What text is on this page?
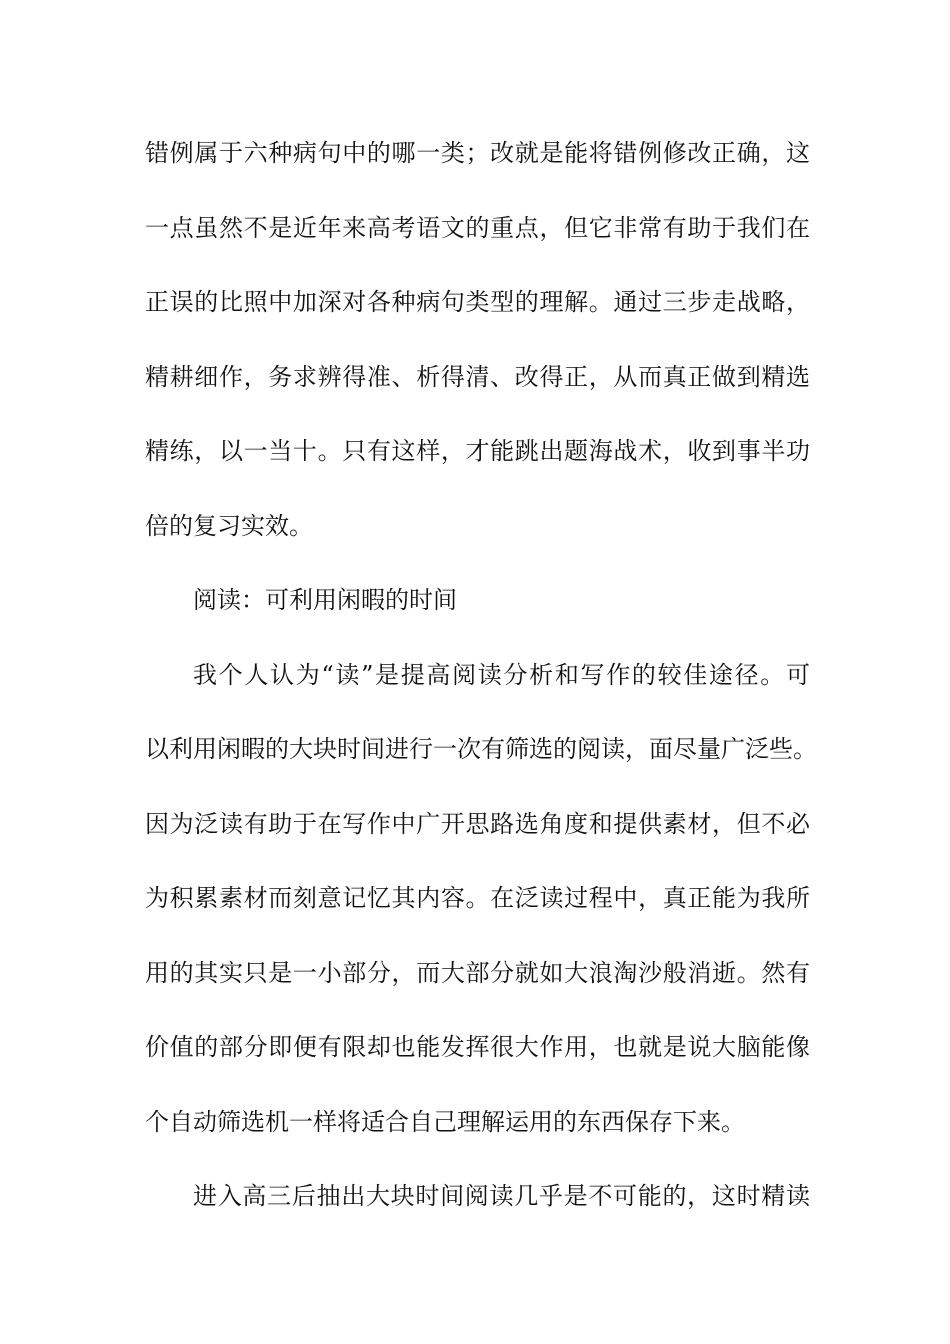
错例属于六种病句中的哪一类；改就是能将错例修改正确，这
一点虽然不是近年来高考语文的重点，但它非常有助于我们在
正误的比照中加深对各种病句类型的理解。通过三步走战略，
精耕细作，务求辨得准、析得清、改得正，从而真正做到精选
精练，以一当十。只有这样，才能跳出题海战术，收到事半功
倍的复习实效。
阅读：可利用闲暇的时间
我个人认为“读”是提高阅读分析和写作的较佳途径。可
以利用闲暇的大块时间进行一次有筛选的阅读，面尽量广泛些。
因为泛读有助于在写作中广开思路选角度和提供素材，但不必
为积累素材而刻意记忆其内容。在泛读过程中，真正能为我所
用的其实只是一小部分，而大部分就如大浪淘沙般消逝。然有
价值的部分即便有限却也能发挥很大作用，也就是说大脑能像
个自动筛选机一样将适合自己理解运用的东西保存下来。
进入高三后抽出大块时间阅读几乎是不可能的，这时精读
